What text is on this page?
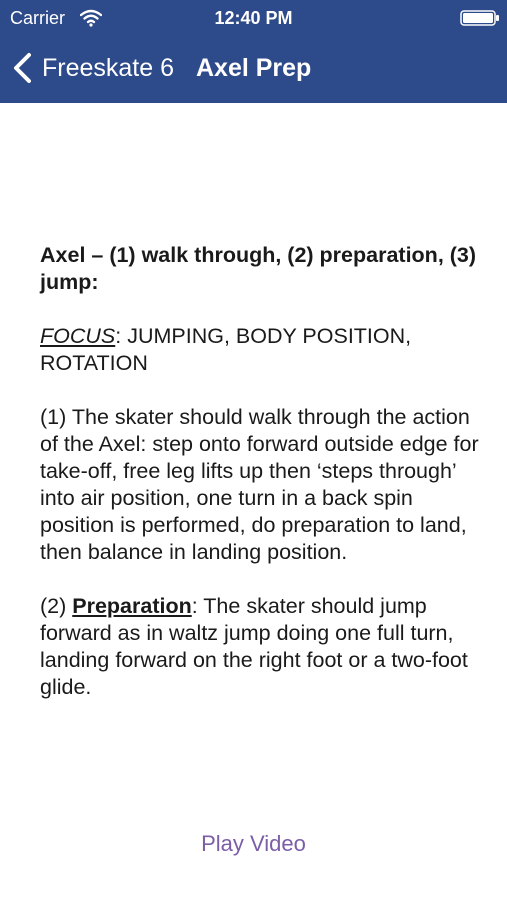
Carrier	12:40 PM
Freeskate 6 Axel Prep

Axel – (1) walk through, (2) preparation, (3) jump:

FOCUS: JUMPING, BODY POSITION, ROTATION

(1) The skater should walk through the action of the Axel: step onto forward outside edge for take-off, free leg lifts up then ‘steps through’ into air position, one turn in a back spin position is performed, do preparation to land, then balance in landing position.

(2) Preparation: The skater should jump forward as in waltz jump doing one full turn, landing forward on the right foot or a two-foot glide.

Play Video
